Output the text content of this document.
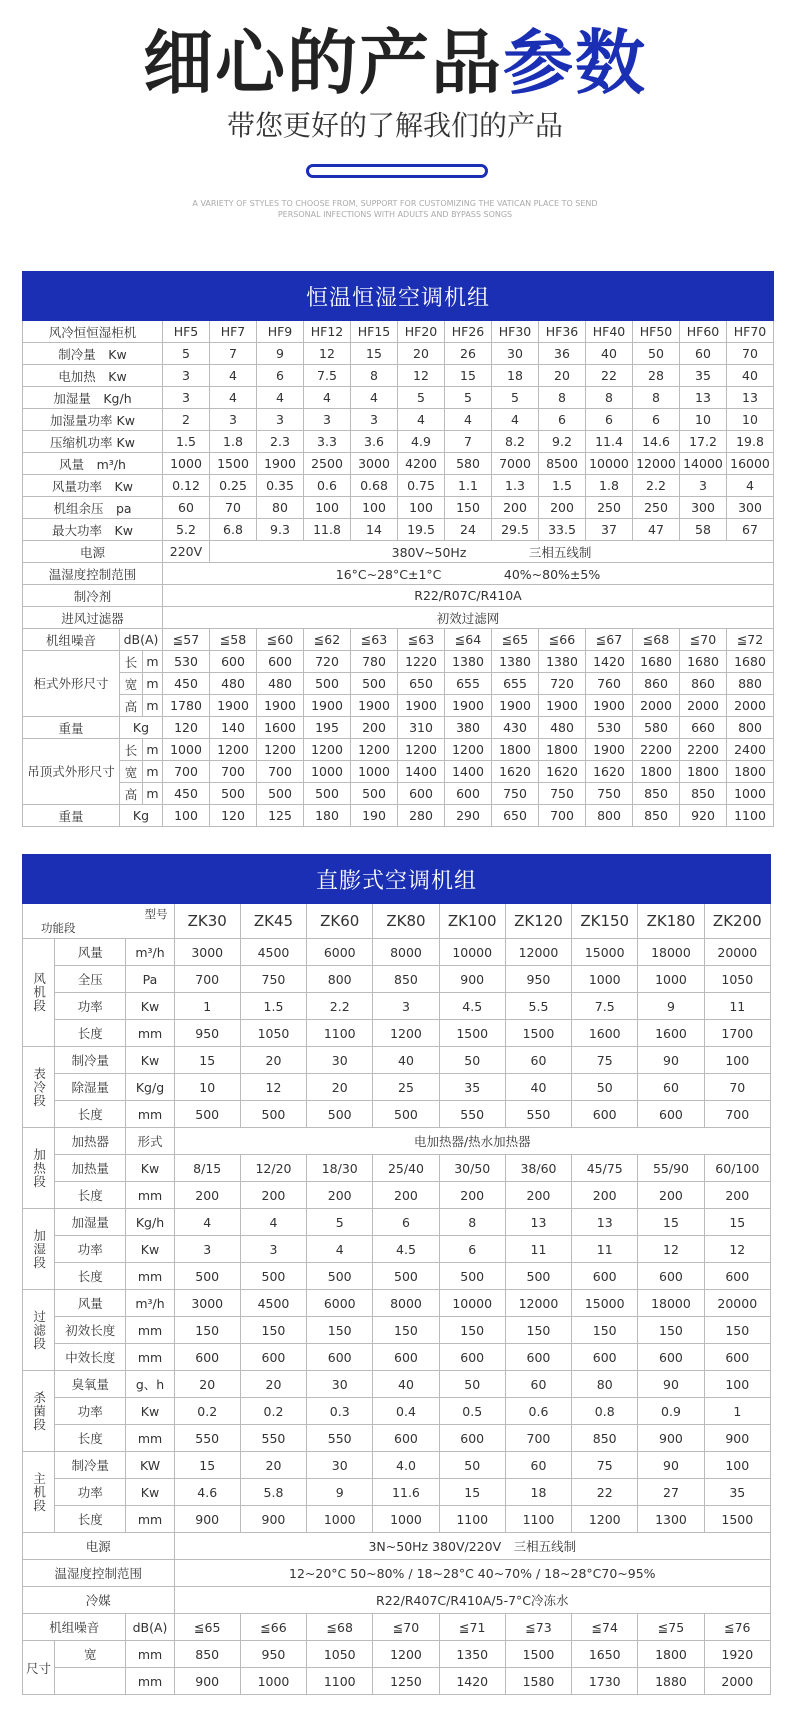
细心的产品参数
带您更好的了解我们的产品
A VARIETY OF STYLES TO CHOOSE FROM, SUPPORT FOR CUSTOMIZING THE VATICAN PLACE TO SEND PERSONAL INFECTIONS WITH ADULTS AND BYPASS SONGS
恒温恒湿空调机组															
风冷恒恒湿柜机			HF5	HF7	HF9	HF12	HF15	HF20	HF26	HF30	HF36	HF40	HF50	HF60	HF70
制冷量　Kw			5	7	9	12	15	20	26	30	36	40	50	60	70
电加热　Kw			3	4	6	7.5	8	12	15	18	20	22	28	35	40
加湿量　Kg/h			3	4	4	4	4	5	5	5	8	8	8	13	13
加湿量功率 Kw			2	3	3	3	3	4	4	4	6	6	6	10	10
压缩机功率 Kw			1.5	1.8	2.3	3.3	3.6	4.9	7	8.2	9.2	11.4	14.6	17.2	19.8
风量　m³/h			1000	1500	1900	2500	3000	4200	580	7000	8500	10000	12000	14000	16000
风量功率　Kw			0.12	0.25	0.35	0.6	0.68	0.75	1.1	1.3	1.5	1.8	2.2	3	4
机组余压　pa			60	70	80	100	100	100	150	200	200	250	250	300	300
最大功率　Kw			5.2	6.8	9.3	11.8	14	19.5	24	29.5	33.5	37	47	58	67
电源			220V	380V~50Hz　　　　　三相五线制											
温湿度控制范围			16°C~28°C±1°C　　　　　40%~80%±5%												
制冷剂			R22/R07C/R410A												
进风过滤器			初效过滤网												
机组噪音	dB(A)		≦57	≦58	≦60	≦62	≦63	≦63	≦64	≦65	≦66	≦67	≦68	≦70	≦72
柜式外形尺寸	长	m	530	600	600	720	780	1220	1380	1380	1380	1420	1680	1680	1680
	宽	m	450	480	480	500	500	650	655	655	720	760	860	860	880
	高	m	1780	1900	1900	1900	1900	1900	1900	1900	1900	1900	2000	2000	2000
重量	Kg		120	140	1600	195	200	310	380	430	480	530	580	660	800
吊顶式外形尺寸	长	m	1000	1200	1200	1200	1200	1200	1200	1800	1800	1900	2200	2200	2400
	宽	m	700	700	700	1000	1000	1400	1400	1620	1620	1620	1800	1800	1800
	高	m	450	500	500	500	500	600	600	750	750	750	850	850	1000
重量	Kg		100	120	125	180	190	280	290	650	700	800	850	920	1100
直膨式空调机组											

型号
功能段			ZK30	ZK45	ZK60	ZK80	ZK100	ZK120	ZK150	ZK180	ZK200
风机段	风量	m³/h	3000	4500	6000	8000	10000	12000	15000	18000	20000
	全压	Pa	700	750	800	850	900	950	1000	1000	1050
	功率	Kw	1	1.5	2.2	3	4.5	5.5	7.5	9	11
	长度	mm	950	1050	1100	1200	1500	1500	1600	1600	1700
表冷段	制冷量	Kw	15	20	30	40	50	60	75	90	100
	除湿量	Kg/g	10	12	20	25	35	40	50	60	70
	长度	mm	500	500	500	500	550	550	600	600	700
加热段	加热器	形式	电加热器/热水加热器								
	加热量	Kw	8/15	12/20	18/30	25/40	30/50	38/60	45/75	55/90	60/100
	长度	mm	200	200	200	200	200	200	200	200	200
加湿段	加湿量	Kg/h	4	4	5	6	8	13	13	15	15
	功率	Kw	3	3	4	4.5	6	11	11	12	12
	长度	mm	500	500	500	500	500	500	600	600	600
过滤段	风量	m³/h	3000	4500	6000	8000	10000	12000	15000	18000	20000
	初效长度	mm	150	150	150	150	150	150	150	150	150
	中效长度	mm	600	600	600	600	600	600	600	600	600
杀菌段	臭氧量	g、h	20	20	30	40	50	60	80	90	100
	功率	Kw	0.2	0.2	0.3	0.4	0.5	0.6	0.8	0.9	1
	长度	mm	550	550	550	600	600	700	850	900	900
主机段	制冷量	KW	15	20	30	4.0	50	60	75	90	100
	功率	Kw	4.6	5.8	9	11.6	15	18	22	27	35
	长度	mm	900	900	1000	1000	1100	1100	1200	1300	1500
电源			3N~50Hz 380V/220V　三相五线制								
温湿度控制范围			12~20°C 50~80% / 18~28°C 40~70% / 18~28°C70~95%								
冷媒			R22/R407C/R410A/5-7°C冷冻水								
机组噪音		dB(A)	≦65	≦66	≦68	≦70	≦71	≦73	≦74	≦75	≦76
尺寸	宽	mm	850	950	1050	1200	1350	1500	1650	1800	1920
		mm	900	1000	1100	1250	1420	1580	1730	1880	2000
